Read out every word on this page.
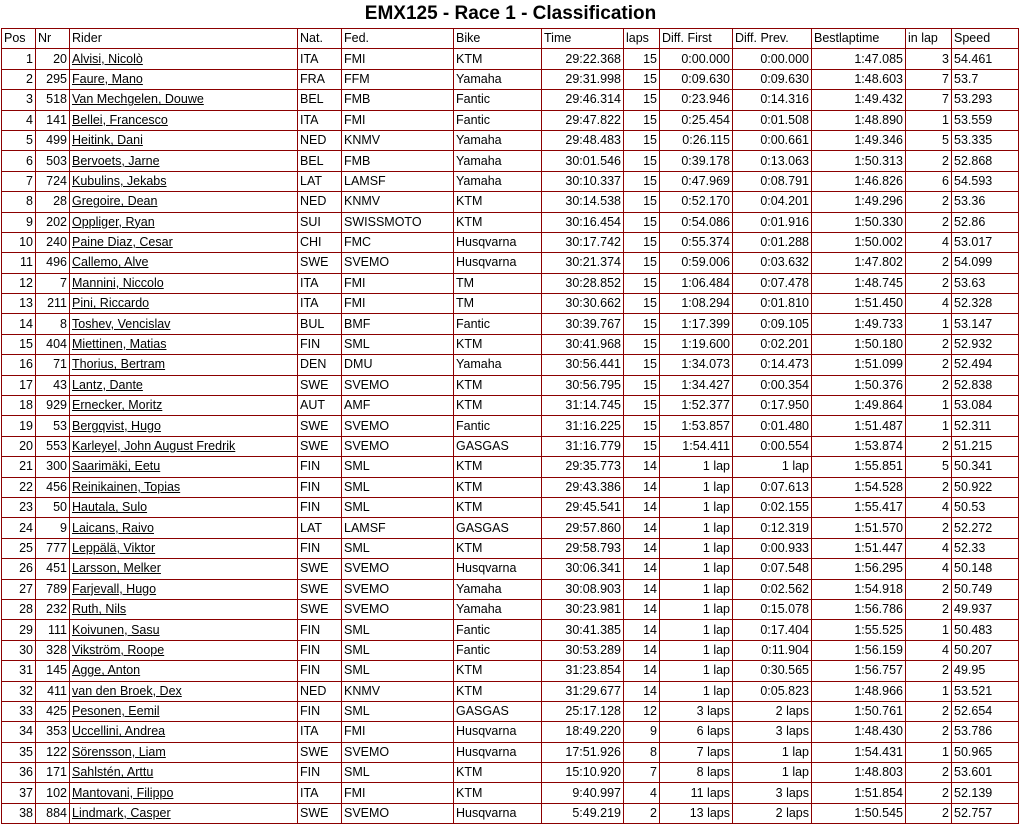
EMX125 - Race 1 - Classification
Pos	Nr	Rider	Nat.	Fed.	Bike	Time	laps	Diff. First	Diff. Prev.	Bestlaptime	in lap	Speed
1	20	Alvisi, Nicolò	ITA	FMI	KTM	29:22.368	15	0:00.000	0:00.000	1:47.085	3	54.461
2	295	Faure, Mano	FRA	FFM	Yamaha	29:31.998	15	0:09.630	0:09.630	1:48.603	7	53.7
3	518	Van Mechgelen, Douwe	BEL	FMB	Fantic	29:46.314	15	0:23.946	0:14.316	1:49.432	7	53.293
4	141	Bellei, Francesco	ITA	FMI	Fantic	29:47.822	15	0:25.454	0:01.508	1:48.890	1	53.559
5	499	Heitink, Dani	NED	KNMV	Yamaha	29:48.483	15	0:26.115	0:00.661	1:49.346	5	53.335
6	503	Bervoets, Jarne	BEL	FMB	Yamaha	30:01.546	15	0:39.178	0:13.063	1:50.313	2	52.868
7	724	Kubulins, Jekabs	LAT	LAMSF	Yamaha	30:10.337	15	0:47.969	0:08.791	1:46.826	6	54.593
8	28	Gregoire, Dean	NED	KNMV	KTM	30:14.538	15	0:52.170	0:04.201	1:49.296	2	53.36
9	202	Oppliger, Ryan	SUI	SWISSMOTO	KTM	30:16.454	15	0:54.086	0:01.916	1:50.330	2	52.86
10	240	Paine Diaz, Cesar	CHI	FMC	Husqvarna	30:17.742	15	0:55.374	0:01.288	1:50.002	4	53.017
11	496	Callemo, Alve	SWE	SVEMO	Husqvarna	30:21.374	15	0:59.006	0:03.632	1:47.802	2	54.099
12	7	Mannini, Niccolo	ITA	FMI	TM	30:28.852	15	1:06.484	0:07.478	1:48.745	2	53.63
13	211	Pini, Riccardo	ITA	FMI	TM	30:30.662	15	1:08.294	0:01.810	1:51.450	4	52.328
14	8	Toshev, Vencislav	BUL	BMF	Fantic	30:39.767	15	1:17.399	0:09.105	1:49.733	1	53.147
15	404	Miettinen, Matias	FIN	SML	KTM	30:41.968	15	1:19.600	0:02.201	1:50.180	2	52.932
16	71	Thorius, Bertram	DEN	DMU	Yamaha	30:56.441	15	1:34.073	0:14.473	1:51.099	2	52.494
17	43	Lantz, Dante	SWE	SVEMO	KTM	30:56.795	15	1:34.427	0:00.354	1:50.376	2	52.838
18	929	Ernecker, Moritz	AUT	AMF	KTM	31:14.745	15	1:52.377	0:17.950	1:49.864	1	53.084
19	53	Bergqvist, Hugo	SWE	SVEMO	Fantic	31:16.225	15	1:53.857	0:01.480	1:51.487	1	52.311
20	553	Karleyel, John August Fredrik	SWE	SVEMO	GASGAS	31:16.779	15	1:54.411	0:00.554	1:53.874	2	51.215
21	300	Saarimäki, Eetu	FIN	SML	KTM	29:35.773	14	1 lap	1 lap	1:55.851	5	50.341
22	456	Reinikainen, Topias	FIN	SML	KTM	29:43.386	14	1 lap	0:07.613	1:54.528	2	50.922
23	50	Hautala, Sulo	FIN	SML	KTM	29:45.541	14	1 lap	0:02.155	1:55.417	4	50.53
24	9	Laicans, Raivo	LAT	LAMSF	GASGAS	29:57.860	14	1 lap	0:12.319	1:51.570	2	52.272
25	777	Leppälä, Viktor	FIN	SML	KTM	29:58.793	14	1 lap	0:00.933	1:51.447	4	52.33
26	451	Larsson, Melker	SWE	SVEMO	Husqvarna	30:06.341	14	1 lap	0:07.548	1:56.295	4	50.148
27	789	Farjevall, Hugo	SWE	SVEMO	Yamaha	30:08.903	14	1 lap	0:02.562	1:54.918	2	50.749
28	232	Ruth, Nils	SWE	SVEMO	Yamaha	30:23.981	14	1 lap	0:15.078	1:56.786	2	49.937
29	111	Koivunen, Sasu	FIN	SML	Fantic	30:41.385	14	1 lap	0:17.404	1:55.525	1	50.483
30	328	Vikström, Roope	FIN	SML	Fantic	30:53.289	14	1 lap	0:11.904	1:56.159	4	50.207
31	145	Agge, Anton	FIN	SML	KTM	31:23.854	14	1 lap	0:30.565	1:56.757	2	49.95
32	411	van den Broek, Dex	NED	KNMV	KTM	31:29.677	14	1 lap	0:05.823	1:48.966	1	53.521
33	425	Pesonen, Eemil	FIN	SML	GASGAS	25:17.128	12	3 laps	2 laps	1:50.761	2	52.654
34	353	Uccellini, Andrea	ITA	FMI	Husqvarna	18:49.220	9	6 laps	3 laps	1:48.430	2	53.786
35	122	Sörensson, Liam	SWE	SVEMO	Husqvarna	17:51.926	8	7 laps	1 lap	1:54.431	1	50.965
36	171	Sahlstén, Arttu	FIN	SML	KTM	15:10.920	7	8 laps	1 lap	1:48.803	2	53.601
37	102	Mantovani, Filippo	ITA	FMI	KTM	9:40.997	4	11 laps	3 laps	1:51.854	2	52.139
38	884	Lindmark, Casper	SWE	SVEMO	Husqvarna	5:49.219	2	13 laps	2 laps	1:50.545	2	52.757
